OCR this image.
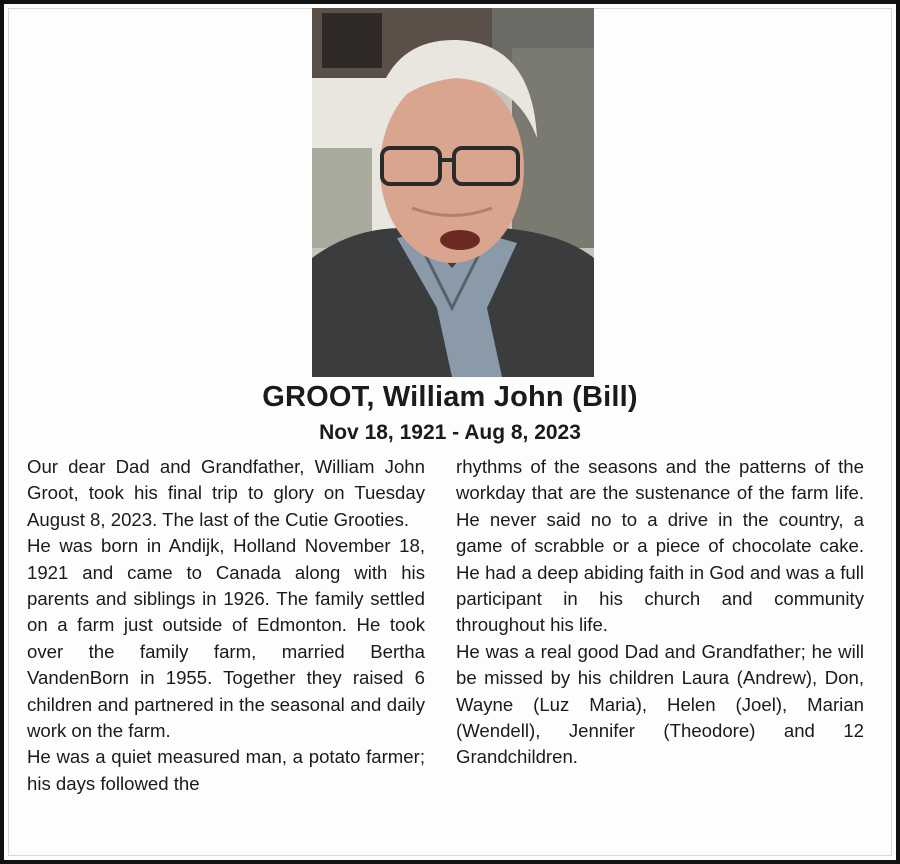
GROOT, William John (Bill)
Nov 18, 1921 - Aug 8, 2023

Our dear Dad and Grandfather, William John Groot, took his final trip to glory on Tuesday August 8, 2023. The last of the Cutie Grooties.

He was born in Andijk, Holland November 18, 1921 and came to Canada along with his parents and siblings in 1926. The family settled on a farm just outside of Edmonton. He took over the family farm, married Bertha VandenBorn in 1955. Together they raised 6 children and partnered in the seasonal and daily work on the farm.

He was a quiet measured man, a potato farmer; his days followed the

rhythms of the seasons and the patterns of the workday that are the sustenance of the farm life. He never said no to a drive in the country, a game of scrabble or a piece of chocolate cake. He had a deep abiding faith in God and was a full participant in his church and community throughout his life.

He was a real good Dad and Grandfather; he will be missed by his children Laura (Andrew), Don, Wayne (Luz Maria), Helen (Joel), Marian (Wendell), Jennifer (Theodore) and 12 Grandchildren.
